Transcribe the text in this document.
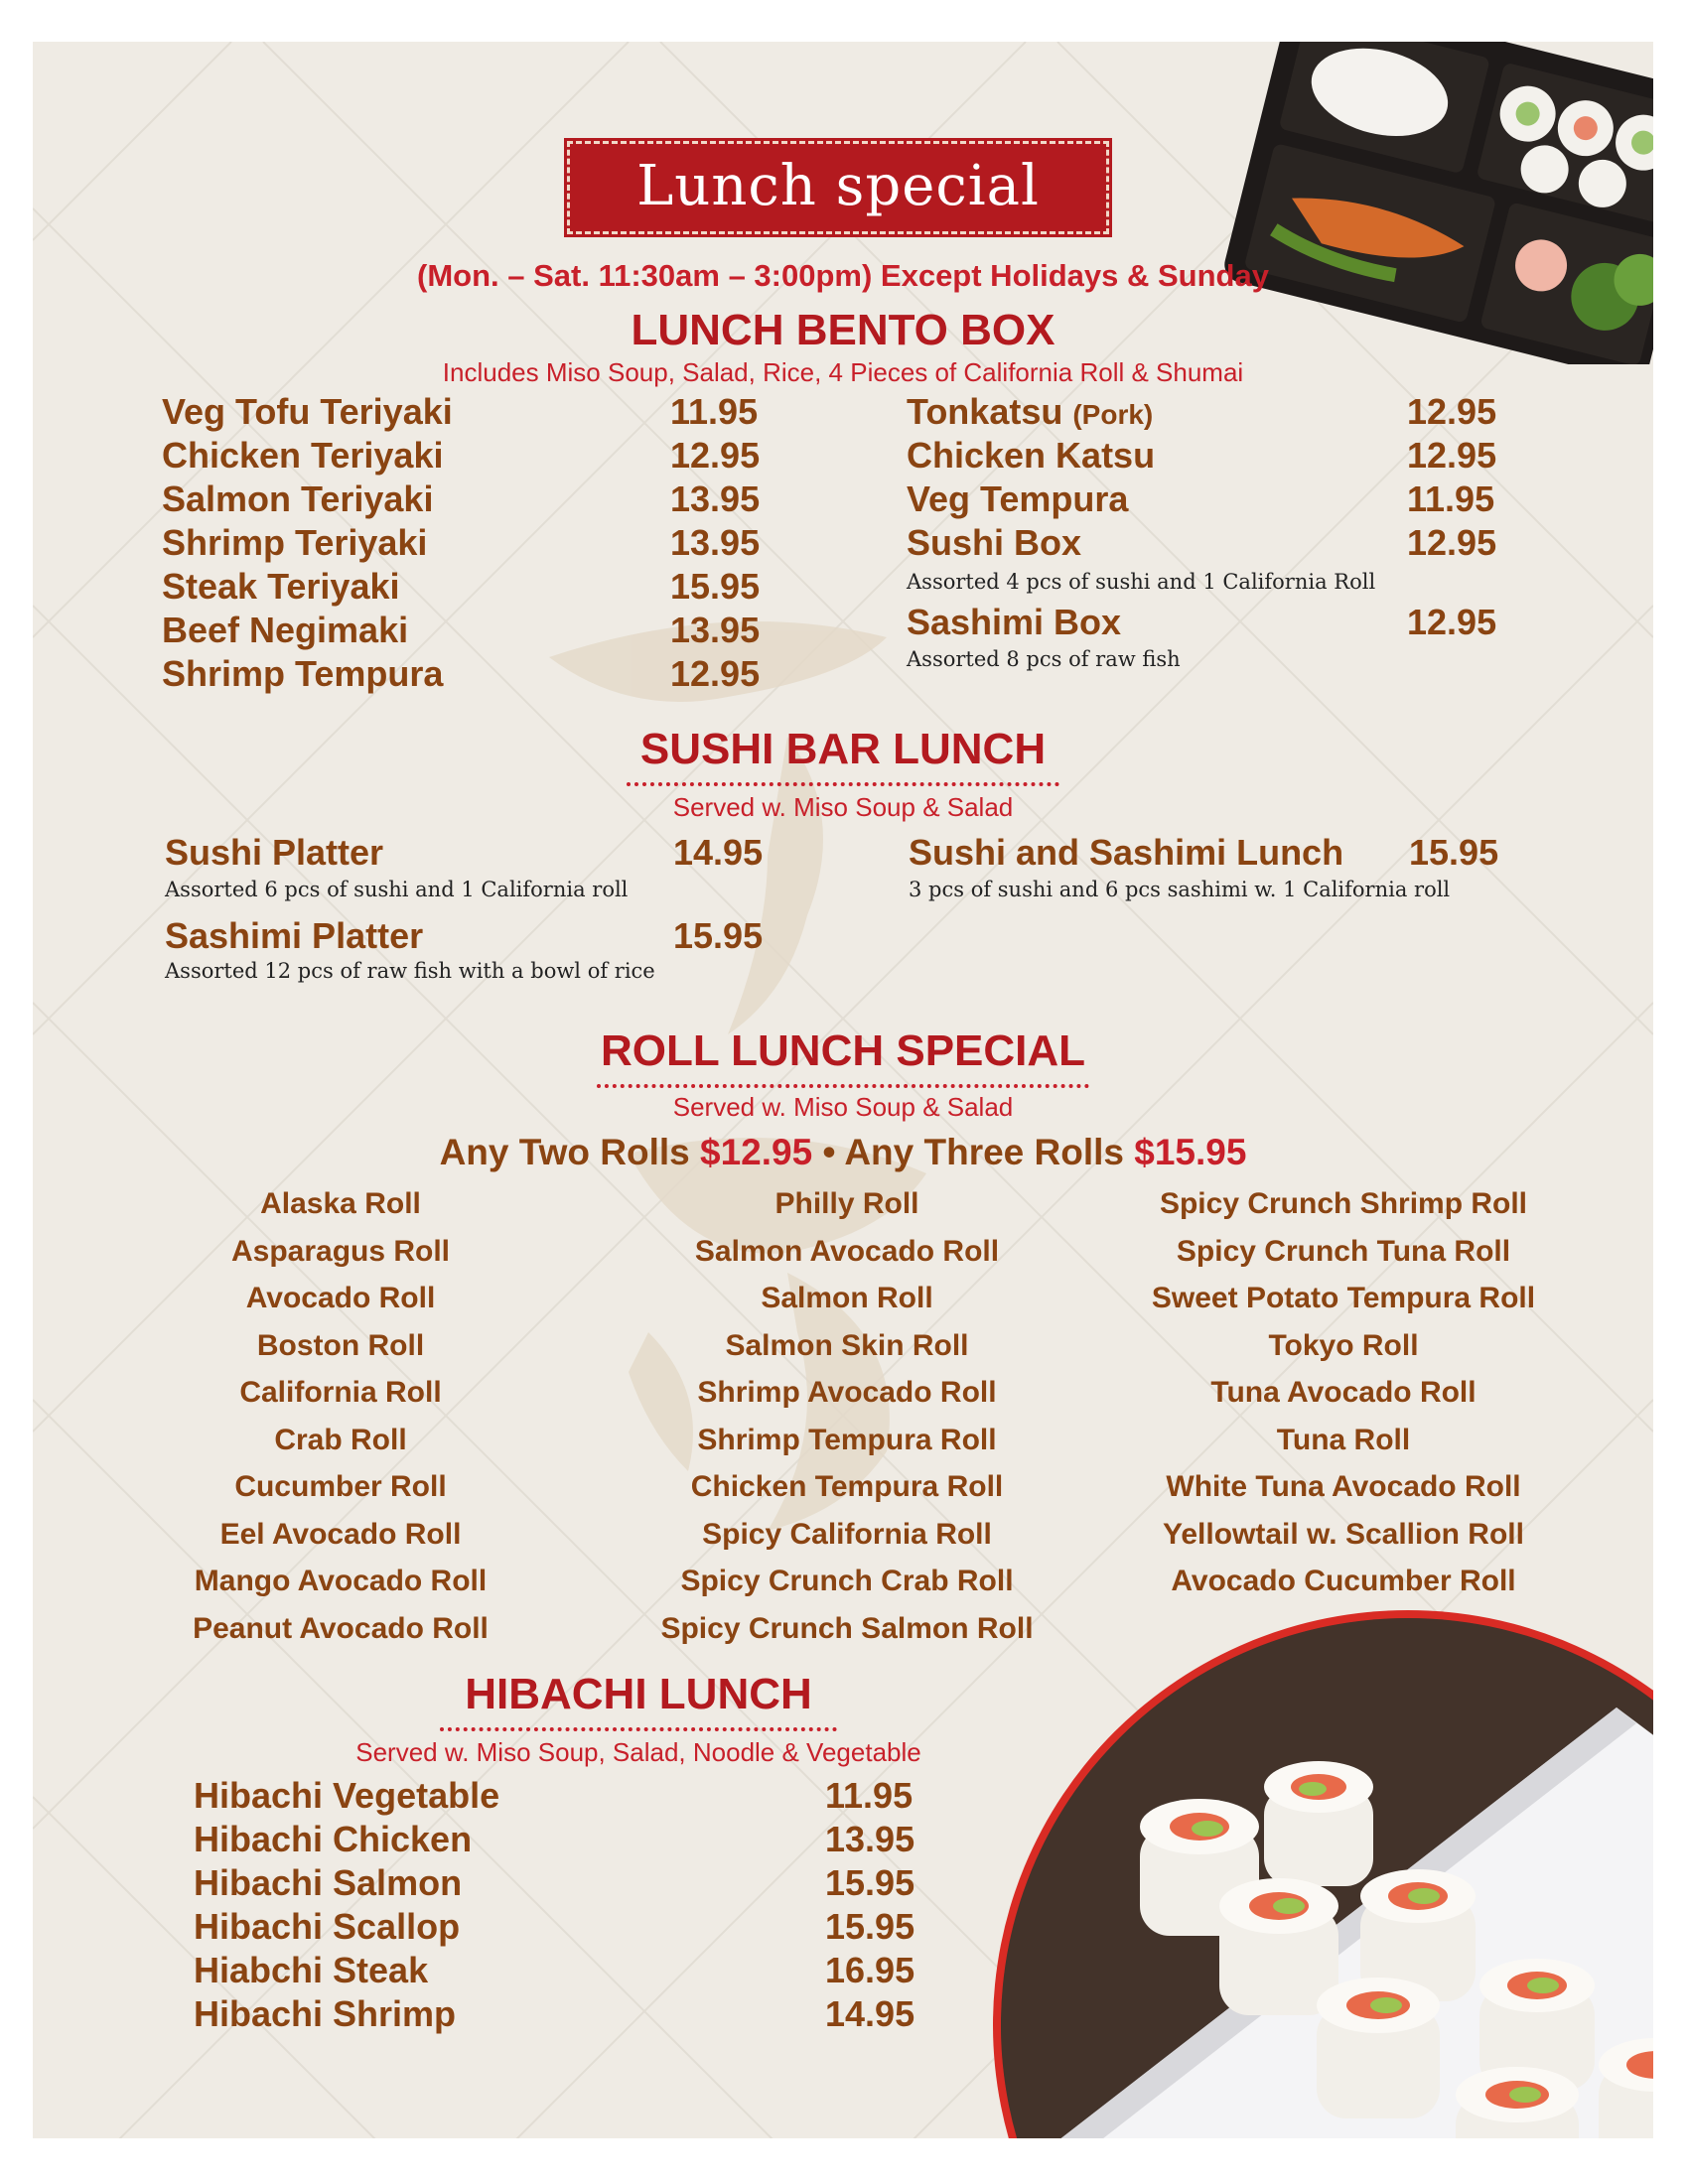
Lunch special
(Mon. – Sat. 11:30am – 3:00pm) Except Holidays & Sunday
LUNCH BENTO BOX
Includes Miso Soup, Salad, Rice, 4 Pieces of California Roll & Shumai
Veg Tofu Teriyaki	11.95
Chicken Teriyaki	12.95
Salmon Teriyaki	13.95
Shrimp Teriyaki	13.95
Steak Teriyaki	15.95
Beef Negimaki	13.95
Shrimp Tempura	12.95
Tonkatsu (Pork)	12.95
Chicken Katsu	12.95
Veg Tempura	11.95
Sushi Box	12.95
Assorted 4 pcs of sushi and 1 California Roll
Sashimi Box	12.95
Assorted 8 pcs of raw fish
SUSHI BAR LUNCH
Served w. Miso Soup & Salad
Sushi Platter	14.95
Assorted 6 pcs of sushi and 1 California roll
Sushi and Sashimi Lunch 15.95
3 pcs of sushi and 6 pcs sashimi w. 1 California roll
Sashimi Platter	15.95
Assorted 12 pcs of raw fish with a bowl of rice
ROLL LUNCH SPECIAL
Served w. Miso Soup & Salad
Any Two Rolls $12.95 • Any Three Rolls $15.95
Alaska Roll
Asparagus Roll
Avocado Roll
Boston Roll
California Roll
Crab Roll
Cucumber Roll
Eel Avocado Roll
Mango Avocado Roll
Peanut Avocado Roll
Philly Roll
Salmon Avocado Roll
Salmon Roll
Salmon Skin Roll
Shrimp Avocado Roll
Shrimp Tempura Roll
Chicken Tempura Roll
Spicy California Roll
Spicy Crunch Crab Roll
Spicy Crunch Salmon Roll
Spicy Crunch Shrimp Roll
Spicy Crunch Tuna Roll
Sweet Potato Tempura Roll
Tokyo Roll
Tuna Avocado Roll
Tuna Roll
White Tuna Avocado Roll
Yellowtail w. Scallion Roll
Avocado Cucumber Roll
HIBACHI LUNCH
Served w. Miso Soup, Salad, Noodle & Vegetable
Hibachi Vegetable	11.95
Hibachi Chicken	13.95
Hibachi Salmon	15.95
Hibachi Scallop	15.95
Hiabchi Steak	16.95
Hibachi Shrimp	14.95
